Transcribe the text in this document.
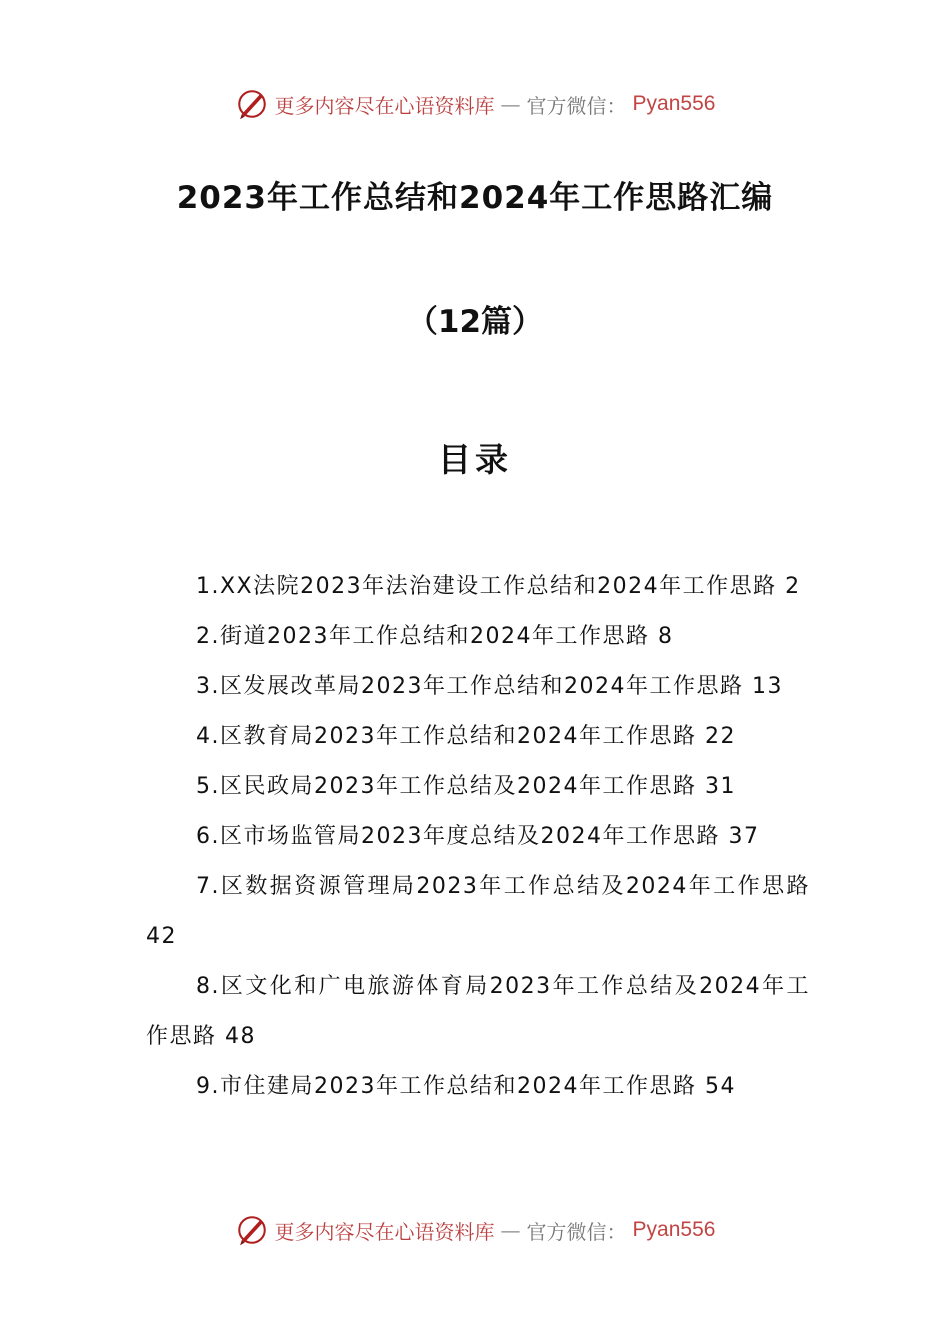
更多内容尽在心语资料库 — 官方微信： Pyan556
2023年工作总结和2024年工作思路汇编
（12篇）
目录

1.XX法院2023年法治建设工作总结和2024年工作思路 2

2.街道2023年工作总结和2024年工作思路 8

3.区发展改革局2023年工作总结和2024年工作思路 13

4.区教育局2023年工作总结和2024年工作思路 22

5.区民政局2023年工作总结及2024年工作思路 31

6.区市场监管局2023年度总结及2024年工作思路 37

7.区数据资源管理局2023年工作总结及2024年工作思路 42

8.区文化和广电旅游体育局2023年工作总结及2024年工作思路 48

9.市住建局2023年工作总结和2024年工作思路 54

更多内容尽在心语资料库 — 官方微信： Pyan556
